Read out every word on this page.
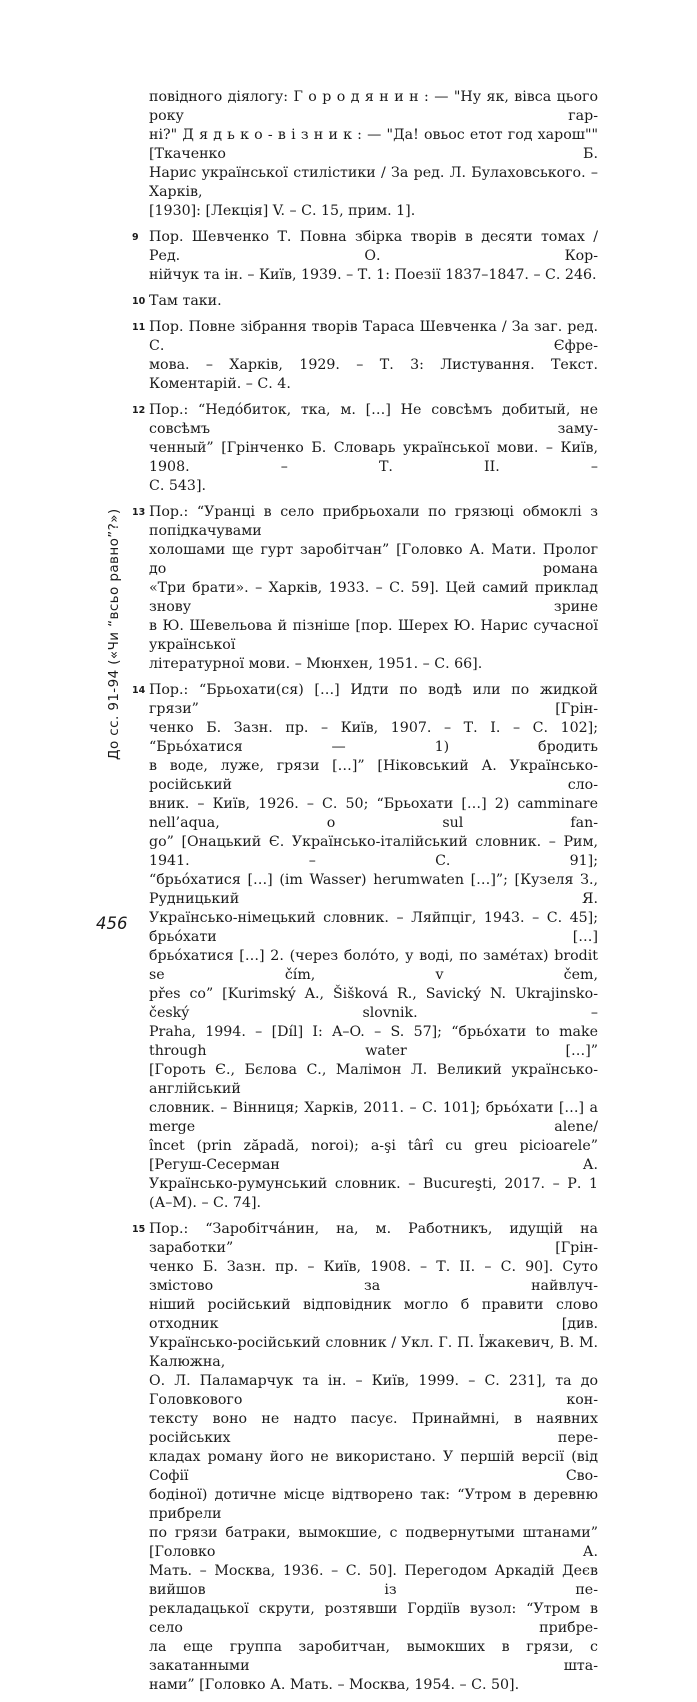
До сс. 91-94 («Чи “всьо равно”?»)
повідного діялогу: Г о р о д я н и н : — "Ну як, вівса цього року гар-
ні?" Д я д ь к о - в і з н и к : — "Да! овьос етот год харош"" [Ткаченко Б.
Нарис української стилістики / За ред. Л. Булаховського. – Харків,
[1930]: [Лекція] V. – С. 15, прим. 1].
9 Пор. Шевченко Т. Повна збірка творів в десяти томах / Ред. О. Кор-
нійчук та ін. – Київ, 1939. – Т. 1: Поезії 1837–1847. – С. 246.
10 Там таки.
11 Пор. Повне зібрання творів Тараса Шевченка / За заг. ред. С. Єфре-
мова. – Харків, 1929. – Т. 3: Листування. Текст. Коментарій. – С. 4.
12 Пор.: “Недóбиток, тка, м. […] Не совсѣмъ добитый, не совсѣмъ заму-
ченный” [Грінченко Б. Словарь української мови. – Київ, 1908. – Т. ІІ. –
С. 543].
13 Пор.: “Уранці в село прибрьохали по грязюці обмоклі з попідкачувами
холошами ще гурт заробітчан” [Головко А. Мати. Пролог до романа
«Три брати». – Харків, 1933. – С. 59]. Цей самий приклад знову зрине
в Ю. Шевельова й пізніше [пор. Шерех Ю. Нарис сучасної української
літературної мови. – Мюнхен, 1951. – С. 66].
14 Пор.: “Брьохати(ся) […] Идти по водѣ или по жидкой грязи” [Грін-
ченко Б. Зазн. пр. – Київ, 1907. – Т. І. – С. 102]; “Брьóхатися — 1) бродить
в воде, луже, грязи […]” [Ніковський А. Українсько-російський сло-
вник. – Київ, 1926. – С. 50; “Брьохати […] 2) camminare nell’aqua, o sul fan-
go” [Онацький Є. Українсько-італійський словник. – Рим, 1941. – С. 91];
“брьóхатися […] (im Wasser) herumwaten […]”; [Кузеля З., Рудницький Я.
Українсько-німецький словник. – Ляйпціг, 1943. – С. 45]; брьóхати […]
брьóхатися […] 2. (через болóто, у воді, по замéтах) brodit se čím, v čem,
přes co” [Kurimský A., Šišková R., Savický N. Ukrajinsko-český slovnik. –
Praha, 1994. – [Díl] I: A–O. – S. 57]; “брьóхати to make through water […]”
[Гороть Є., Бєлова С., Малімон Л. Великий українсько-англійський
словник. – Вінниця; Харків, 2011. – С. 101]; брьóхати […] a merge alene/
încet (prin zăpadă, noroi); a-şi târî cu greu picioarele” [Регуш-Сесерман А.
Українсько-румунський словник. – Bucureşti, 2017. – Р. 1 (А–М). – С. 74].
15 Пор.: “Заробітчáнин, на, м. Работникъ, идущій на заработки” [Грін-
ченко Б. Зазн. пр. – Київ, 1908. – Т. ІІ. – С. 90]. Суто змістово за найвлуч-
ніший російський відповідник могло б правити слово отходник [див.
Українсько-російський словник / Укл. Г. П. Їжакевич, В. М. Калюжна,
О. Л. Паламарчук та ін. – Київ, 1999. – С. 231], та до Головкового кон-
тексту воно не надто пасує. Принаймні, в наявних російських пере-
кладах роману його не використано. У першій версії (від Софії Сво-
бодіної) дотичне місце відтворено так: “Утром в деревню прибрели
по грязи батраки, вымокшие, с подвернутыми штанами” [Головко А.
Мать. – Москва, 1936. – С. 50]. Перегодом Аркадій Деєв вийшов із пе-
рекладацької скрути, розтявши Гордіїв вузол: “Утром в село прибре-
ла еще группа заробитчан, вымокших в грязи, с закатанными шта-
нами” [Головко А. Мать. – Москва, 1954. – С. 50].
456
